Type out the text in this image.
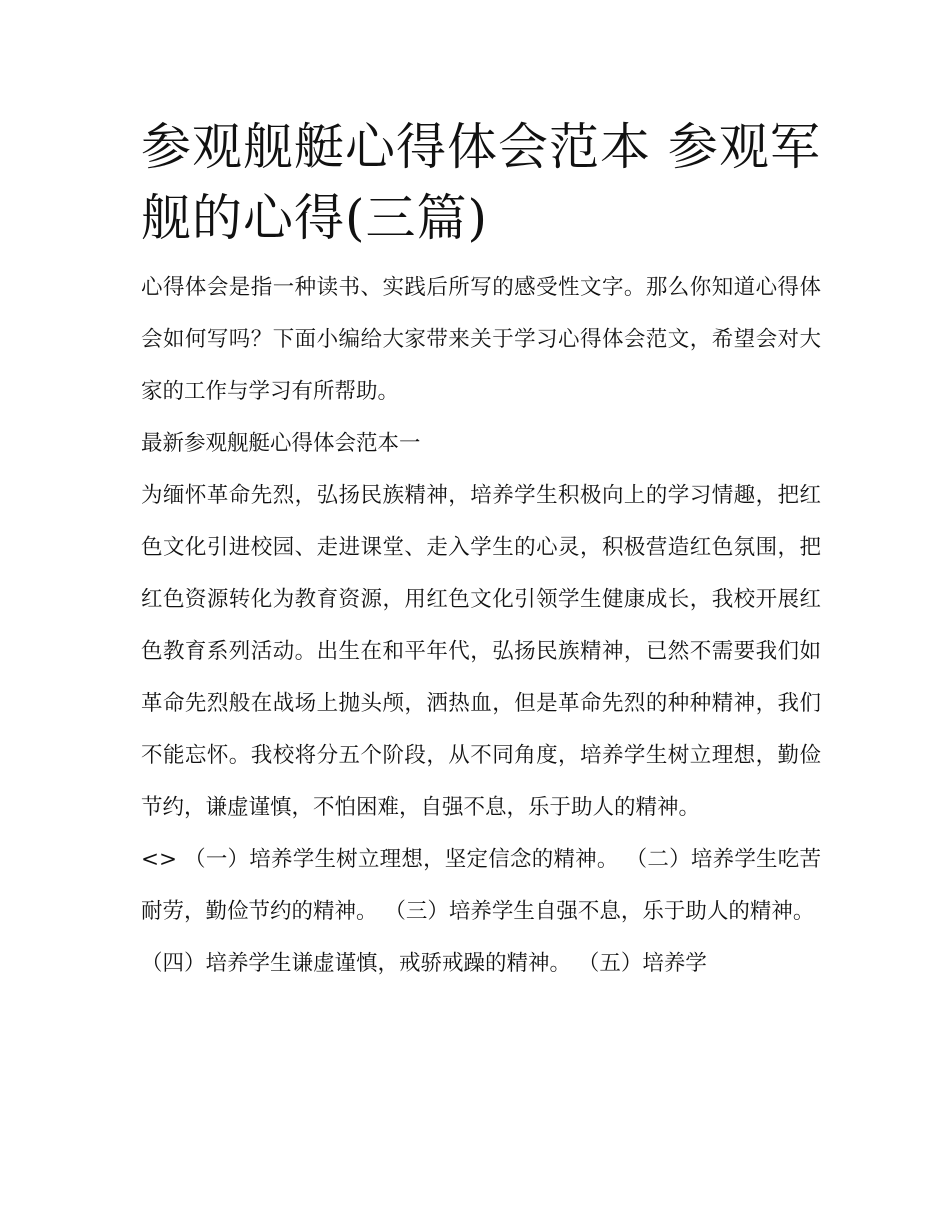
参观舰艇心得体会范本 参观军舰的心得(三篇)

心得体会是指一种读书、实践后所写的感受性文字。那么你知道心得体会如何写吗？下面小编给大家带来关于学习心得体会范文，希望会对大家的工作与学习有所帮助。

最新参观舰艇心得体会范本一

为缅怀革命先烈，弘扬民族精神，培养学生积极向上的学习情趣，把红色文化引进校园、走进课堂、走入学生的心灵，积极营造红色氛围，把红色资源转化为教育资源，用红色文化引领学生健康成长，我校开展红色教育系列活动。出生在和平年代，弘扬民族精神，已然不需要我们如革命先烈般在战场上抛头颅，洒热血，但是革命先烈的种种精神，我们不能忘怀。我校将分五个阶段，从不同角度，培养学生树立理想，勤俭节约，谦虚谨慎，不怕困难，自强不息，乐于助人的精神。

<> （一）培养学生树立理想，坚定信念的精神。 （二）培养学生吃苦耐劳，勤俭节约的精神。 （三）培养学生自强不息，乐于助人的精神。

（四）培养学生谦虚谨慎，戒骄戒躁的精神。 （五）培养学
